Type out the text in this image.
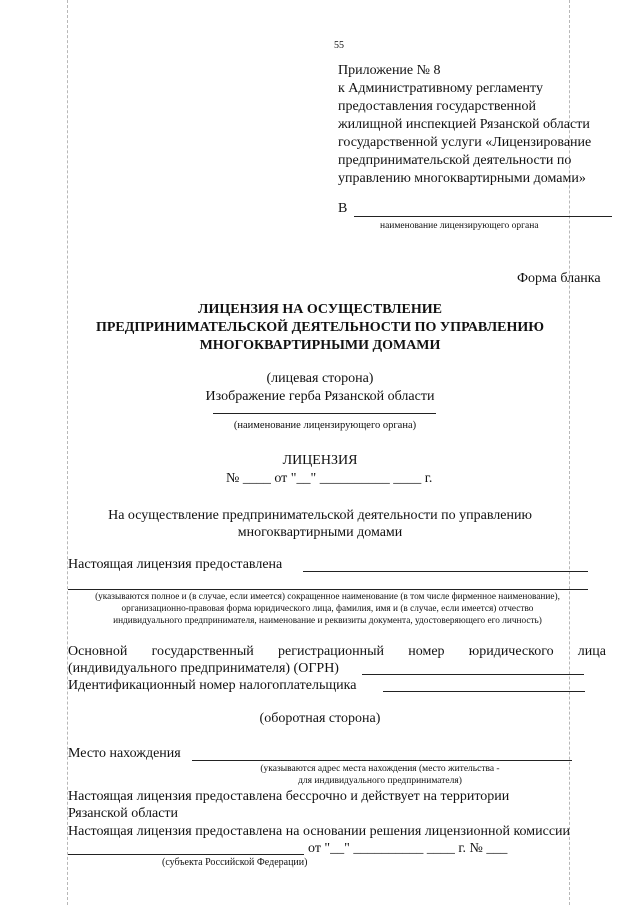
55
Приложение № 8
к Административному регламенту
предоставления государственной
жилищной инспекцией Рязанской области
государственной услуги «Лицензирование
предпринимательской деятельности по
управлению многоквартирными домами»
В
наименование лицензирующего органа
Форма бланка
ЛИЦЕНЗИЯ НА ОСУЩЕСТВЛЕНИЕ
ПРЕДПРИНИМАТЕЛЬСКОЙ ДЕЯТЕЛЬНОСТИ ПО УПРАВЛЕНИЮ
МНОГОКВАРТИРНЫМИ ДОМАМИ
(лицевая сторона)
Изображение герба Рязанской области
(наименование лицензирующего органа)
ЛИЦЕНЗИЯ
№ ____ от "__" __________ ____ г.
На осуществление предпринимательской деятельности по управлению
многоквартирными домами
Настоящая лицензия предоставлена
(указываются полное и (в случае, если имеется) сокращенное наименование (в том числе фирменное наименование),
организационно-правовая форма юридического лица, фамилия, имя и (в случае, если имеется) отчество
индивидуального предпринимателя, наименование и реквизиты документа, удостоверяющего его личность)
Основной государственный регистрационный номер юридического лица
(индивидуального предпринимателя) (ОГРН)
Идентификационный номер налогоплательщика
(оборотная сторона)
Место нахождения
(указываются адрес места нахождения (место жительства -
для индивидуального предпринимателя)
Настоящая лицензия предоставлена бессрочно и действует на территории
Рязанской области
Настоящая лицензия предоставлена на основании решения лицензионной комиссии
от "__" __________ ____ г. № ___
(субъекта Российской Федерации)
